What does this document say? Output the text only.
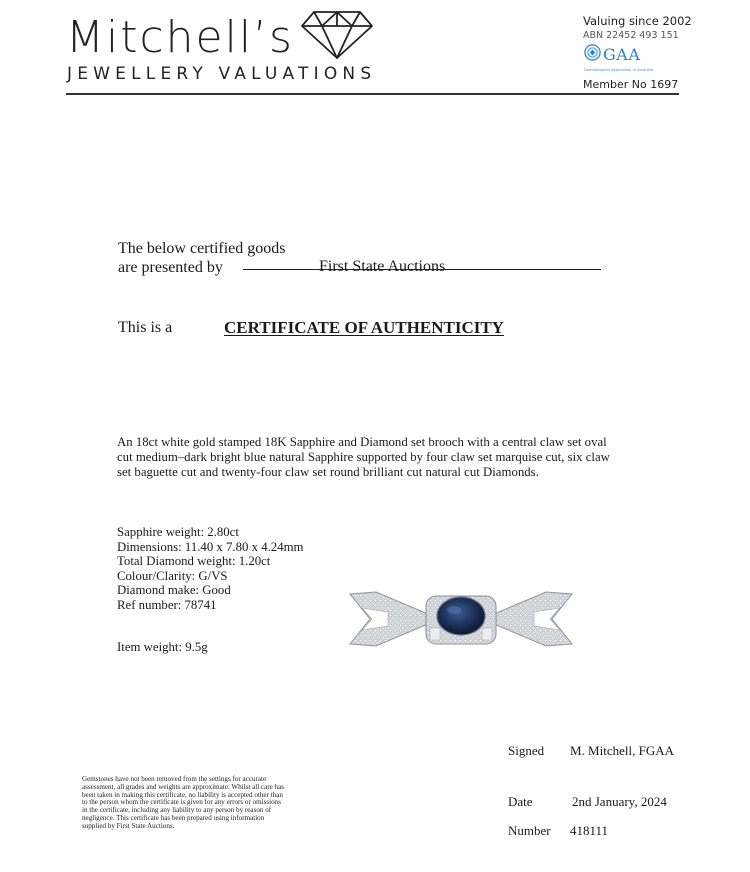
Mitchell’s
JEWELLERY VALUATIONS
Valuing since 2002
ABN 22452 493 151
GAA
Gemmological Association of Australia
Member No 1697
The below certified goods
are presented by	First State Auctions
This is a	CERTIFICATE OF AUTHENTICITY
An 18ct white gold stamped 18K Sapphire and Diamond set brooch with a central claw set oval cut medium–dark bright blue natural Sapphire supported by four claw set marquise cut, six claw set baguette cut and twenty-four claw set round brilliant cut natural cut Diamonds.
Sapphire weight: 2.80ct
Dimensions: 11.40 x 7.80 x 4.24mm
Total Diamond weight: 1.20ct
Colour/Clarity: G/VS
Diamond make: Good
Ref number: 78741
Item weight: 9.5g
Signed M. Mitchell, FGAA
Date	2nd January, 2024
Number 418111
Gemstones have not been removed from the settings for accurate assessment, all grades and weights are approximate. Whilst all care has been taken in making this certificate, no liability is accepted other than to the person whom the certificate is given for any errors or omissions in the certificate, including any liability to any person by reason of negligence. This certificate has been prepared using information supplied by First State Auctions.
